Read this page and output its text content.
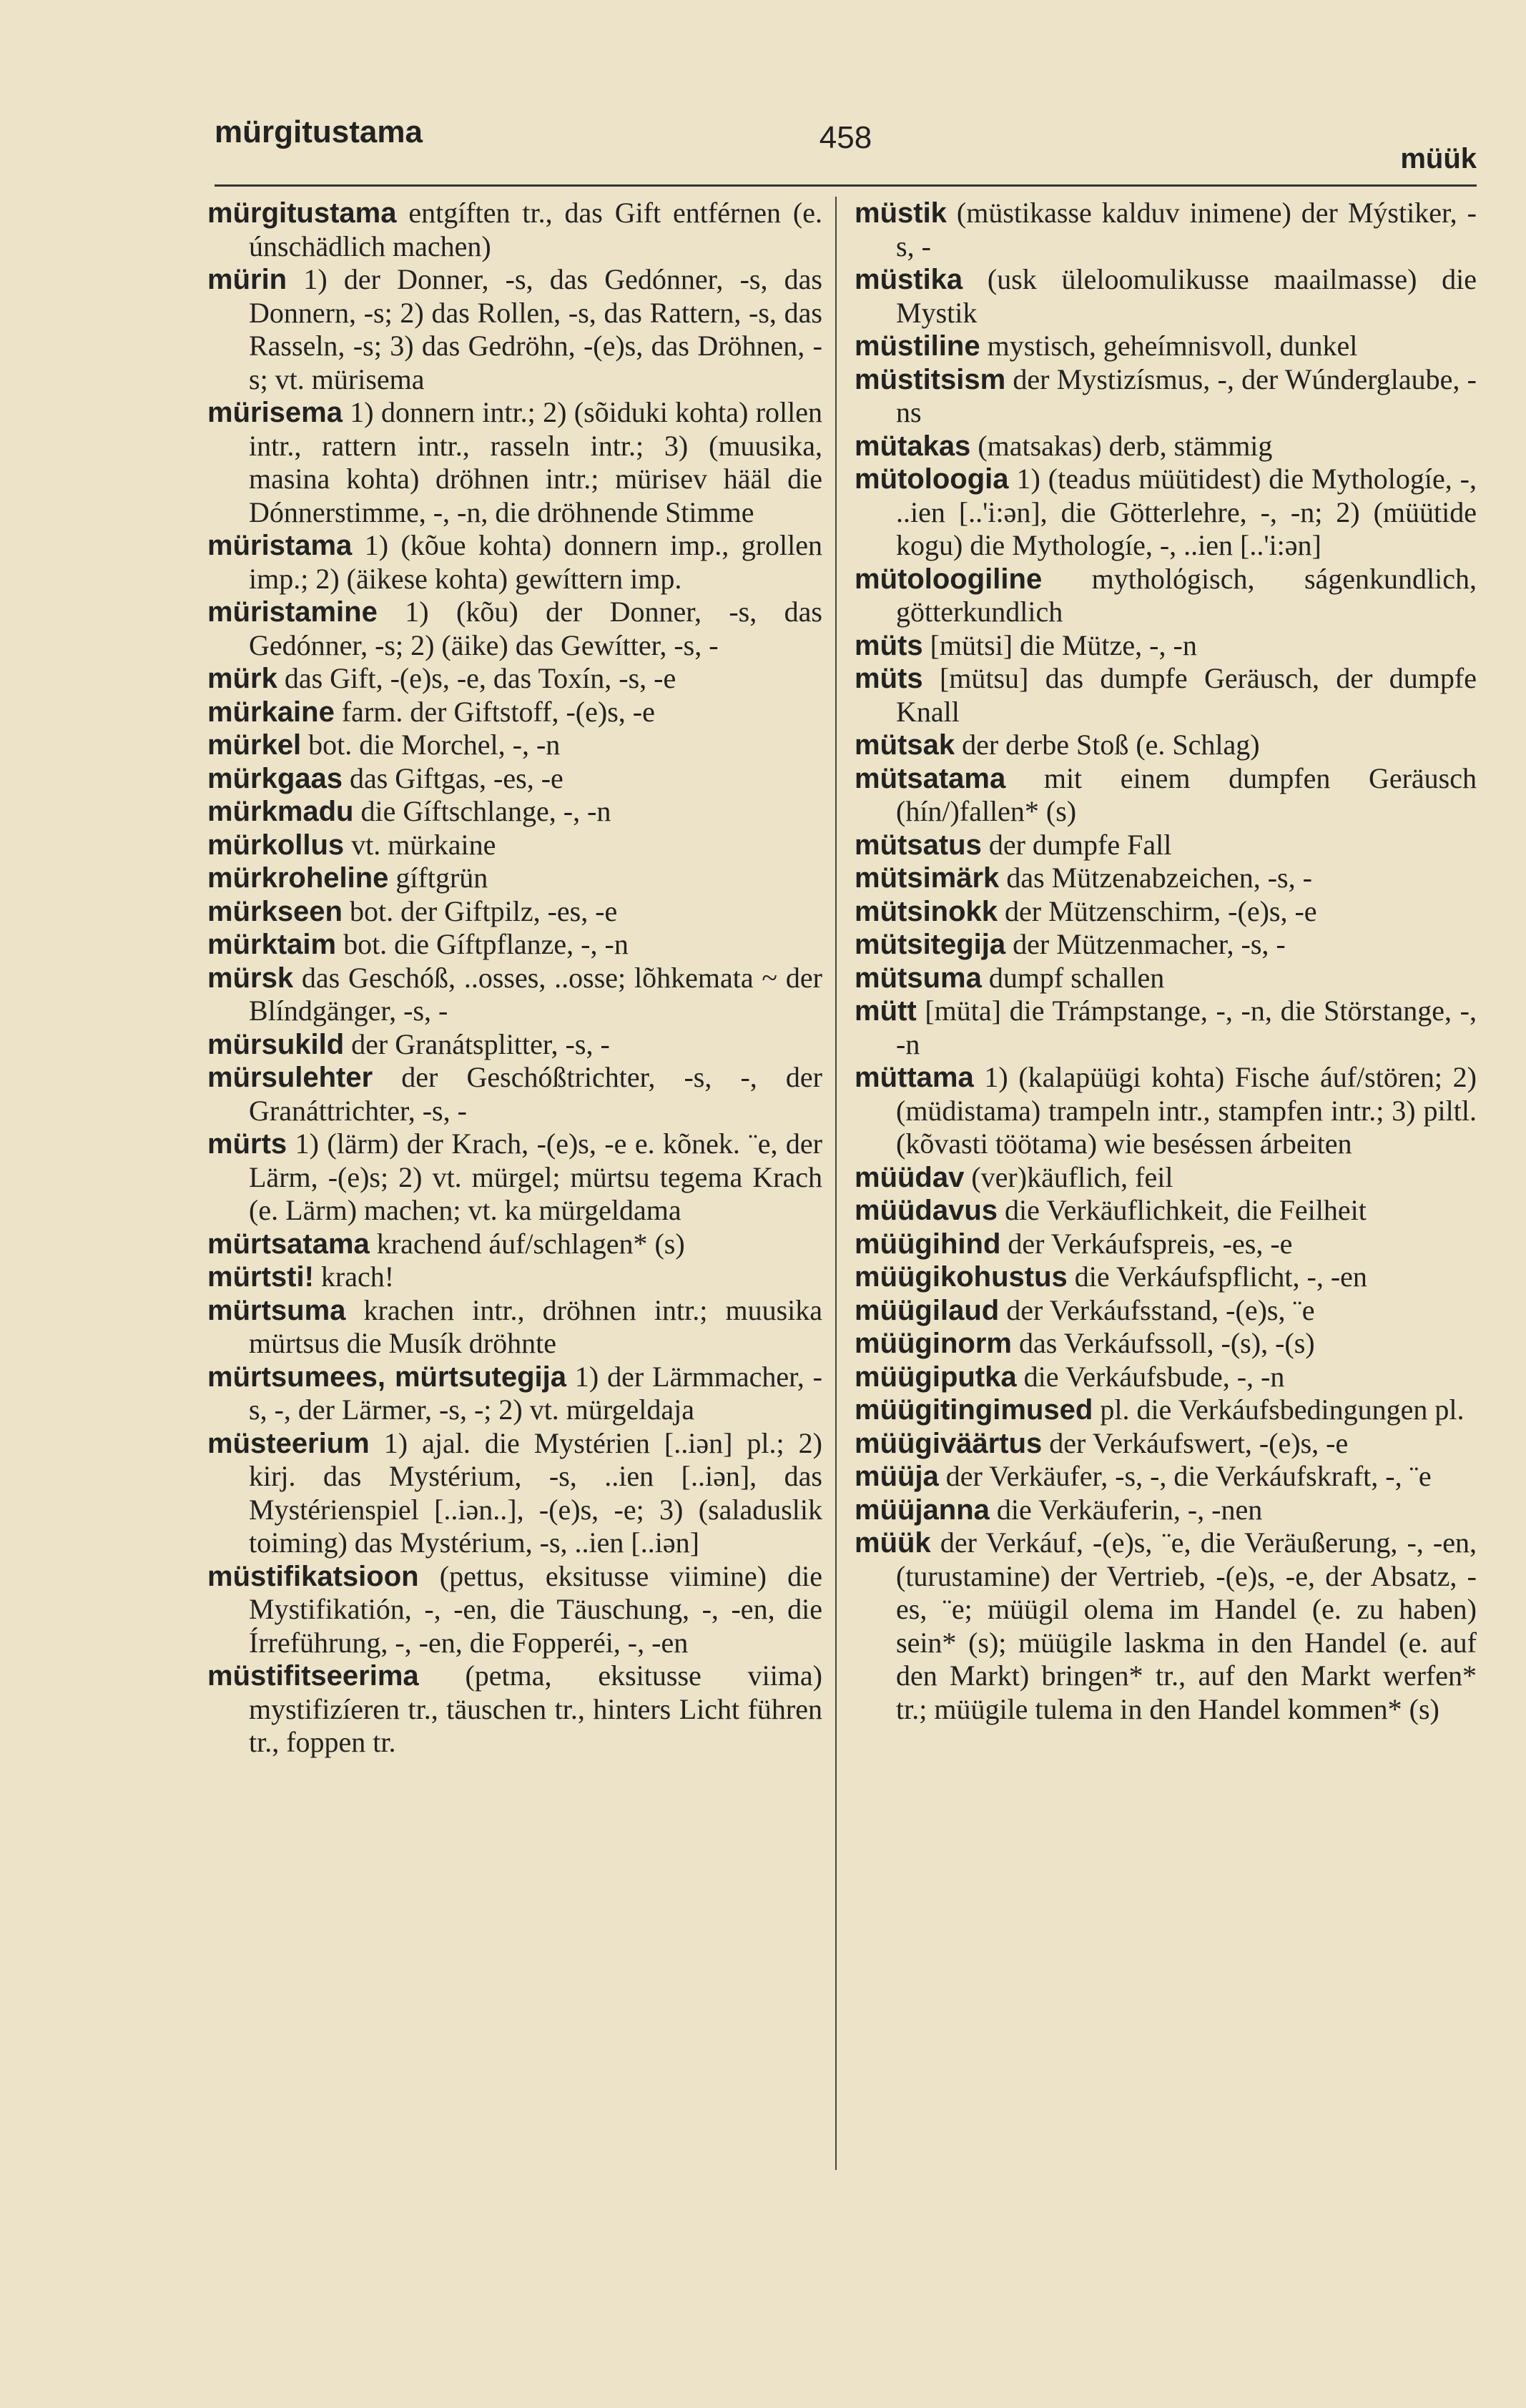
mürgitustama	458
müük
mürgitustama entgíften tr., das Gift entférnen (e. únschädlich machen)
mürin 1) der Donner, -s, das Gedónner, -s, das Donnern, -s; 2) das Rollen, -s, das Rattern, -s, das Rasseln, -s; 3) das Gedröhn, -(e)s, das Dröhnen, -s; vt. mürisema
mürisema 1) donnern intr.; 2) (sõiduki kohta) rollen intr., rattern intr., rasseln intr.; 3) (muusika, masina kohta) dröhnen intr.; mürisev hääl die Dónnerstimme, -, -n, die dröhnende Stimme
müristama 1) (kõue kohta) donnern imp., grollen imp.; 2) (äikese kohta) gewíttern imp.
müristamine 1) (kõu) der Donner, -s, das Gedónner, -s; 2) (äike) das Gewítter, -s, -
mürk das Gift, -(e)s, -e, das Toxín, -s, -e
mürkaine farm. der Giftstoff, -(e)s, -e
mürkel bot. die Morchel, -, -n
mürkgaas das Giftgas, -es, -e
mürkmadu die Gíftschlange, -, -n
mürkollus vt. mürkaine
mürkroheline gíftgrün
mürkseen bot. der Giftpilz, -es, -e
mürktaim bot. die Gíftpflanze, -, -n
mürsk das Geschóß, ..osses, ..osse; lõhkemata ~ der Blíndgänger, -s, -
mürsukild der Granátsplitter, -s, -
mürsulehter der Geschóßtrichter, -s, -, der Granáttrichter, -s, -
mürts 1) (lärm) der Krach, -(e)s, -e e. kõnek. ¨e, der Lärm, -(e)s; 2) vt. mürgel; mürtsu tegema Krach (e. Lärm) machen; vt. ka mürgeldama
mürtsatama krachend áuf/schlagen* (s)
mürtsti! krach!
mürtsuma krachen intr., dröhnen intr.; muusika mürtsus die Musík dröhnte
mürtsumees, mürtsutegija 1) der Lärmmacher, -s, -, der Lärmer, -s, -; 2) vt. mürgeldaja
müsteerium 1) ajal. die Mystérien [..iən] pl.; 2) kirj. das Mystérium, -s, ..ien [..iən], das Mystérienspiel [..iən..], -(e)s, -e; 3) (saladuslik toiming) das Mystérium, -s, ..ien [..iən]
müstifikatsioon (pettus, eksitusse viimine) die Mystifikatión, -, -en, die Täuschung, -, -en, die Írreführung, -, -en, die Fopperéi, -, -en
müstifitseerima (petma, eksitusse viima) mystifizíeren tr., täuschen tr., hinters Licht führen tr., foppen tr.
müstik (müstikasse kalduv inimene) der Mýstiker, -s, -
müstika (usk üleloomulikusse maailmasse) die Mystik
müstiline mystisch, geheímnisvoll, dunkel
müstitsism der Mystizísmus, -, der Wúnderglaube, -ns
mütakas (matsakas) derb, stämmig
mütoloogia 1) (teadus müütidest) die Mythologíe, -, ..ien [..'i:ən], die Götterlehre, -, -n; 2) (müütide kogu) die Mythologíe, -, ..ien [..'i:ən]
mütoloogiline mytholόgisch, ságenkundlich, götterkundlich
müts [mütsi] die Mütze, -, -n
müts [mütsu] das dumpfe Geräusch, der dumpfe Knall
mütsak der derbe Stoß (e. Schlag)
mütsatama mit einem dumpfen Geräusch (hín/)fallen* (s)
mütsatus der dumpfe Fall
mütsimärk das Mützenabzeichen, -s, -
mütsinokk der Mützenschirm, -(e)s, -e
mütsitegija der Mützenmacher, -s, -
mütsuma dumpf schallen
mütt [müta] die Trámpstange, -, -n, die Störstange, -, -n
müttama 1) (kalapüügi kohta) Fische áuf/stören; 2) (müdistama) trampeln intr., stampfen intr.; 3) piltl. (kõvasti töötama) wie beséssen árbeiten
müüdav (ver)käuflich, feil
müüdavus die Verkäuflichkeit, die Feilheit
müügihind der Verkáufspreis, -es, -e
müügikohustus die Verkáufspflicht, -, -en
müügilaud der Verkáufsstand, -(e)s, ¨e
müüginorm das Verkáufssoll, -(s), -(s)
müügiputka die Verkáufsbude, -, -n
müügitingimused pl. die Verkáufsbedingungen pl.
müügiväärtus der Verkáufswert, -(e)s, -e
müüja der Verkäufer, -s, -, die Verkáufskraft, -, ¨e
müüjanna die Verkäuferin, -, -nen
müük der Verkáuf, -(e)s, ¨e, die Veräußerung, -, -en, (turustamine) der Vertrieb, -(e)s, -e, der Absatz, -es, ¨e; müügil olema im Handel (e. zu haben) sein* (s); müügile laskma in den Handel (e. auf den Markt) bringen* tr., auf den Markt werfen* tr.; müügile tulema in den Handel kommen* (s)
